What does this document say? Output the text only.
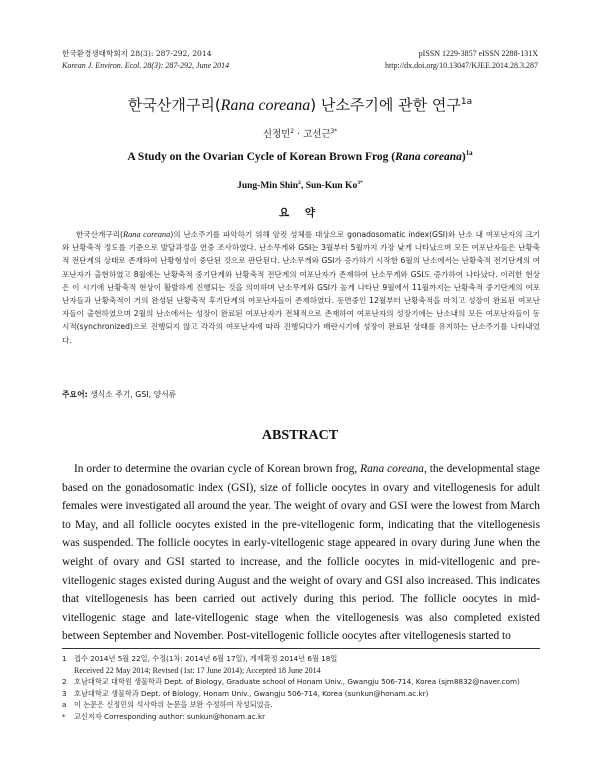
한국환경생태학회지 28(3): 287-292, 2014
Korean J. Environ. Ecol. 28(3): 287-292, June 2014
pISSN 1229-3857 eISSN 2288-131X
http://dx.doi.org/10.13047/KJEE.2014.28.3.287
한국산개구리(Rana coreana) 난소주기에 관한 연구$^{1a}$
신정민$^2$ · 고선근$^{3*}$
A Study on the Ovarian Cycle of Korean Brown Frog (Rana coreana)$^{1a}$
Jung-Min Shin$^2$, Sun-Kun $Ko^{3*}$
요 약
한국산개구리(Rana coreana)의 난소주기를 파악하기 위해 암컷 성체를 대상으로 gonadosomatic index(GSI)와 난소 내 여포난자의 크기와 난황축적 정도를 기준으로 발달과정을 연중 조사하였다. 난소무게와 GSI는 3월부터 5월까지 가장 낮게 나타났으며 모든 여포난자들은 난황축적 전단계의 상태로 존재하여 난황형성이 중단된 것으로 판단된다. 난소무게와 GSI가 증가하기 시작한 6월의 난소에서는 난황축적 전기단계의 여포난자가 출현하였고 8월에는 난황축적 중기단계와 난황축적 전단계의 여포난자가 존재하여 난소무게와 GSI도 증가하여 나타났다. 이러한 현상은 이 시기에 난황축적 현상이 활발하게 진행되는 것을 의미하며 난소무게와 GSI가 높게 나타난 9월에서 11월까지는 난황축적 중기단계의 여포난자들과 난황축적이 거의 완성된 난황축적 후기단계의 여포난자들이 존재하였다. 동면중인 12월부터 난황축적을 마치고 성장이 완료된 여포난자들이 출현하였으며 2월의 난소에서는 성장이 완료된 여포난자가 전체적으로 존재하여 여포난자의 성장기에는 난소내의 모든 여포난자들이 동시적(synchronized)으로 진행되지 않고 각각의 여포난자에 따라 진행되다가 배란시기에 성장이 완료된 상태를 유지하는 난소주기를 나타내었다.
주요어: 생식소 주기, GSI, 양서류
ABSTRACT
In order to determine the ovarian cycle of Korean brown frog, Rana coreana, the developmental stage based on the gonadosomatic index (GSI), size of follicle oocytes in ovary and vitellogenesis for adult females were investigated all around the year. The weight of ovary and GSI were the lowest from March to May, and all follicle oocytes existed in the pre-vitellogenic form, indicating that the vitellogenesis was suspended. The follicle oocytes in early-vitellogenic stage appeared in ovary during June when the weight of ovary and GSI started to increase, and the follicle oocytes in mid-vitellogenic and pre-vitellogenic stages existed during August and the weight of ovary and GSI also increased. This indicates that vitellogenesis has been carried out actively during this period. The follicle oocytes in mid-vitellogenic stage and late-vitellogenic stage when the vitellogenesis was also completed existed between September and November. Post-vitellogenic follicle oocytes after vitellogenesis started to
1	접수 2014년 5월 22일, 수정(1차: 2014년 6월 17일), 게재확정 2014년 6월 18일
Received 22 May 2014; Revised (1st: 17 June 2014); Accepted 18 June 2014
2	호남대학교 대학원 생물학과 Dept. of Biology, Graduate school of Honam Univ., Gwangju 506-714, Korea (sjm8832@naver.com)
3	호남대학교 생물학과 Dept. of Biology, Honam Univ., Gwangju 506-714, Korea (sunkun@honam.ac.kr)
a	이 논문은 신정민의 석사학위 논문을 보완 수정하여 작성되었음.
*	교신저자 Corresponding author: sunkun@honam.ac.kr
